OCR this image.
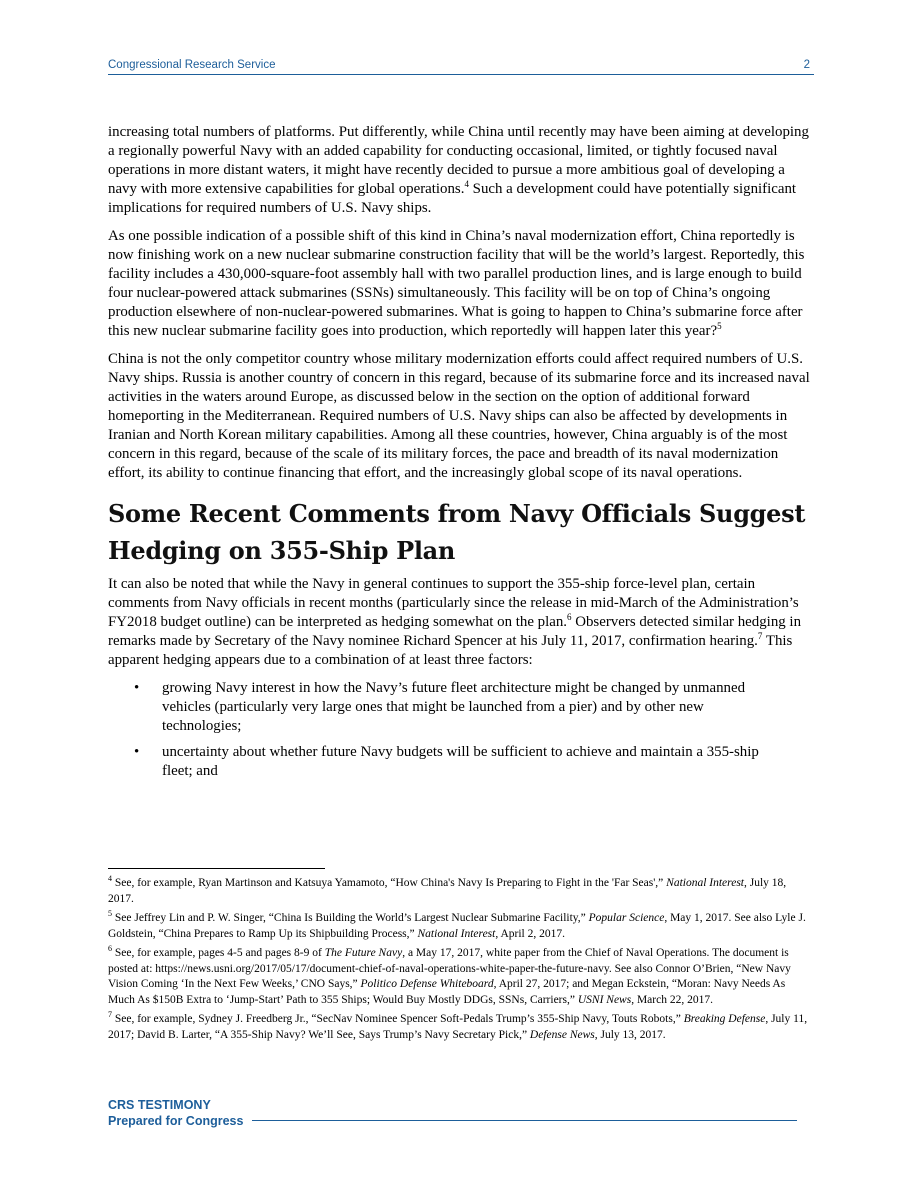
Congressional Research Service	2

increasing total numbers of platforms. Put differently, while China until recently may have been aiming at developing a regionally powerful Navy with an added capability for conducting occasional, limited, or tightly focused naval operations in more distant waters, it might have recently decided to pursue a more ambitious goal of developing a navy with more extensive capabilities for global operations.$^4$ Such a development could have potentially significant implications for required numbers of U.S. Navy ships.

As one possible indication of a possible shift of this kind in China’s naval modernization effort, China reportedly is now finishing work on a new nuclear submarine construction facility that will be the world’s largest. Reportedly, this facility includes a 430,000-square-foot assembly hall with two parallel production lines, and is large enough to build four nuclear-powered attack submarines (SSNs) simultaneously. This facility will be on top of China’s ongoing production elsewhere of non-nuclear-powered submarines. What is going to happen to China’s submarine force after this new nuclear submarine facility goes into production, which reportedly will happen later this year?$^5$

China is not the only competitor country whose military modernization efforts could affect required numbers of U.S. Navy ships. Russia is another country of concern in this regard, because of its submarine force and its increased naval activities in the waters around Europe, as discussed below in the section on the option of additional forward homeporting in the Mediterranean. Required numbers of U.S. Navy ships can also be affected by developments in Iranian and North Korean military capabilities. Among all these countries, however, China arguably is of the most concern in this regard, because of the scale of its military forces, the pace and breadth of its naval modernization effort, its ability to continue financing that effort, and the increasingly global scope of its naval operations.

Some Recent Comments from Navy Officials Suggest Hedging on 355-Ship Plan

It can also be noted that while the Navy in general continues to support the 355-ship force-level plan, certain comments from Navy officials in recent months (particularly since the release in mid-March of the Administration’s FY2018 budget outline) can be interpreted as hedging somewhat on the plan.$^6$ Observers detected similar hedging in remarks made by Secretary of the Navy nominee Richard Spencer at his July 11, 2017, confirmation hearing.$^7$ This apparent hedging appears due to a combination of at least three factors:

• growing Navy interest in how the Navy’s future fleet architecture might be changed by unmanned vehicles (particularly very large ones that might be launched from a pier) and by other new technologies;
• uncertainty about whether future Navy budgets will be sufficient to achieve and maintain a 355-ship fleet; and

$^4$ See, for example, Ryan Martinson and Katsuya Yamamoto, “How China's Navy Is Preparing to Fight in the 'Far Seas',” National Interest, July 18, 2017.

$^5$ See Jeffrey Lin and P. W. Singer, “China Is Building the World’s Largest Nuclear Submarine Facility,” Popular Science, May 1, 2017. See also Lyle J. Goldstein, “China Prepares to Ramp Up its Shipbuilding Process,” National Interest, April 2, 2017.

$^6$ See, for example, pages 4-5 and pages 8-9 of The Future Navy, a May 17, 2017, white paper from the Chief of Naval Operations. The document is posted at: https://news.usni.org/2017/05/17/document-chief-of-naval-operations-white-paper-the-future-navy. See also Connor O’Brien, “New Navy Vision Coming ‘In the Next Few Weeks,’ CNO Says,” Politico Defense Whiteboard, April 27, 2017; and Megan Eckstein, “Moran: Navy Needs As Much As $150B Extra to ‘Jump-Start’ Path to 355 Ships; Would Buy Mostly DDGs, SSNs, Carriers,” USNI News, March 22, 2017.

$^7$ See, for example, Sydney J. Freedberg Jr., “SecNav Nominee Spencer Soft-Pedals Trump’s 355-Ship Navy, Touts Robots,” Breaking Defense, July 11, 2017; David B. Larter, “A 355-Ship Navy? We’ll See, Says Trump’s Navy Secretary Pick,” Defense News, July 13, 2017.

CRS TESTIMONY
Prepared for Congress
